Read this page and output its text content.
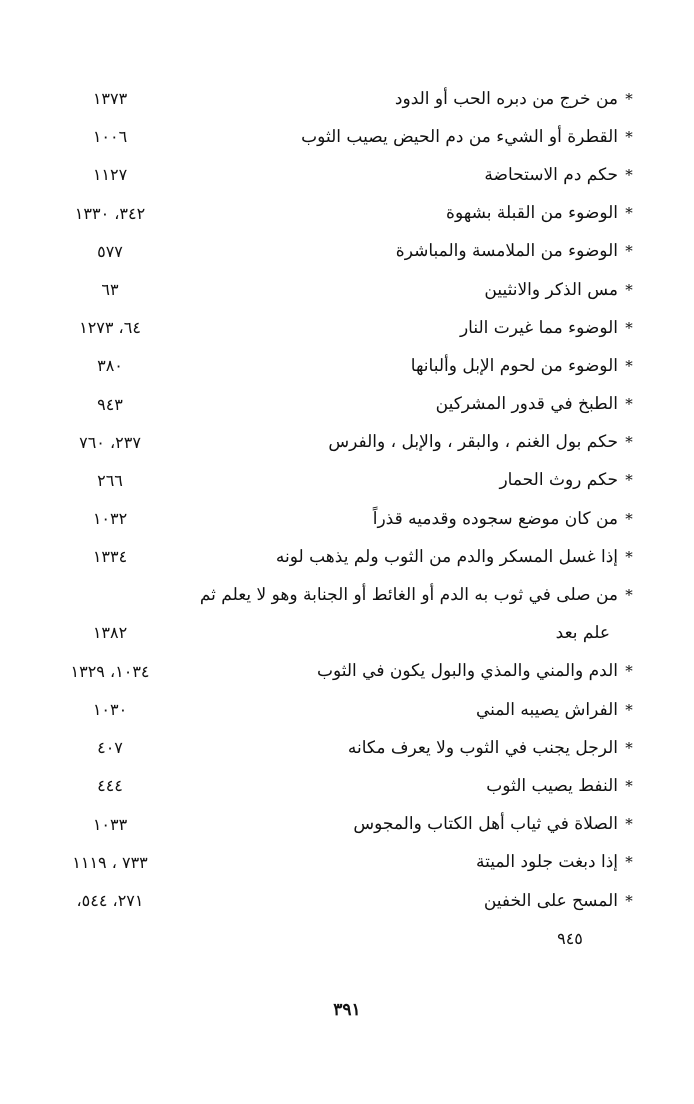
*
من خرج من دبره الحب أو الدود
١٣٧٣
*
القطرة أو الشيء من دم الحيض يصيب الثوب
١٠٠٦
*
حكم دم الاستحاضة
١١٢٧
*
الوضوء من القبلة بشهوة
٣٤٢، ١٣٣٠
*
الوضوء من الملامسة والمباشرة
٥٧٧
*
مس الذكر والانثيين
٦٣
*
الوضوء مما غيرت النار
٦٤، ١٢٧٣
*
الوضوء من لحوم الإبل وألبانها
٣٨٠
*
الطبخ في قدور المشركين
٩٤٣
*
حكم بول الغنم ، والبقر ، والإبل ، والفرس
٢٣٧، ٧٦٠
*
حكم روث الحمار
٢٦٦
*
من كان موضع سجوده وقدميه قذراً
١٠٣٢
*
إذا غسل المسكر والدم من الثوب ولم يذهب لونه
١٣٣٤
*
من صلى في ثوب به الدم أو الغائط أو الجنابة وهو لا يعلم ثم
علم بعد
١٣٨٢
*
الدم والمني والمذي والبول يكون في الثوب
١٠٣٤، ١٣٢٩
*
الفراش يصيبه المني
١٠٣٠
*
الرجل يجنب في الثوب ولا يعرف مكانه
٤٠٧
*
النفط يصيب الثوب
٤٤٤
*
الصلاة في ثياب أهل الكتاب والمجوس
١٠٣٣
*
إذا دبغت جلود الميتة
٧٣٣ ، ١١١٩
*
المسح على الخفين
٢٧١، ٥٤٤،
٩٤٥
٣٩١
